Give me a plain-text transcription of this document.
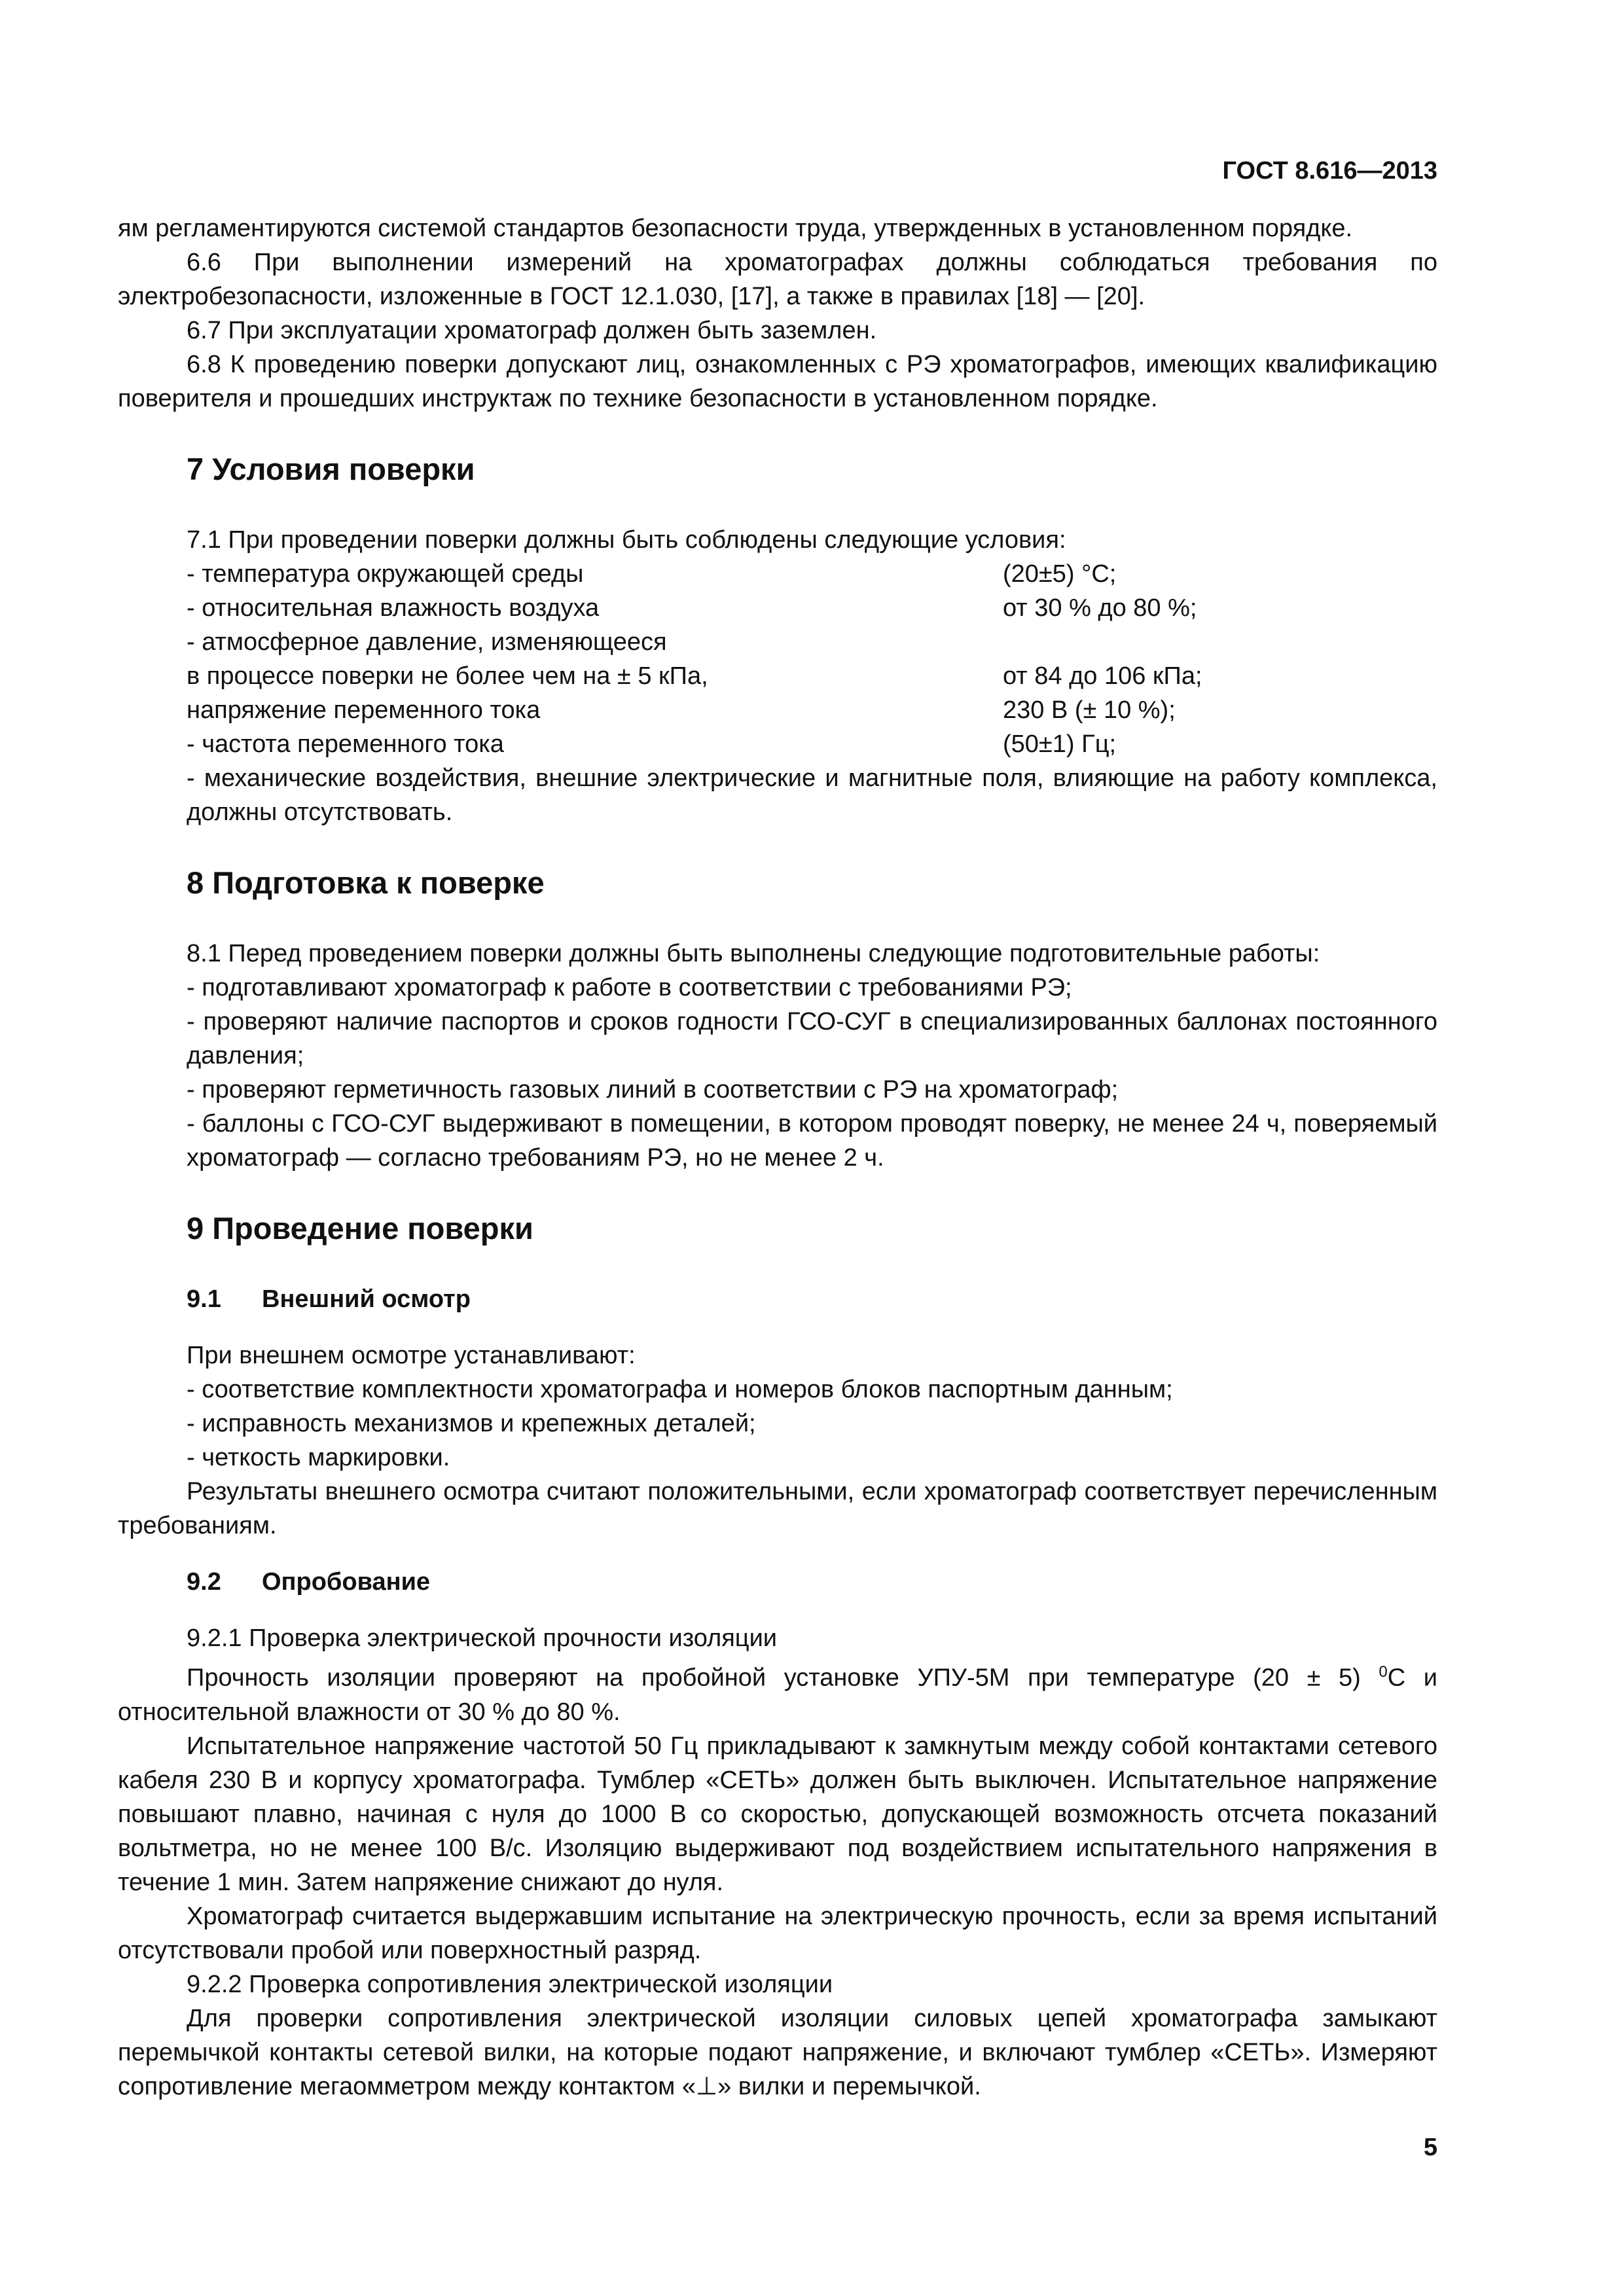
ГОСТ 8.616—2013

ям регламентируются системой стандартов безопасности труда, утвержденных в установленном порядке.

6.6 При выполнении измерений на хроматографах должны соблюдаться требования по электробезопасности, изложенные в ГОСТ 12.1.030, [17], а также в правилах [18] — [20].

6.7 При эксплуатации хроматограф должен быть заземлен.

6.8 К проведению поверки допускают лиц, ознакомленных с РЭ хроматографов, имеющих квалификацию поверителя и прошедших инструктаж по технике безопасности в установленном порядке.

7 Условия поверки

7.1 При проведении поверки должны быть соблюдены следующие условия:

- температура окружающей среды	(20±5) °С;
- относительная влажность воздуха	от 30 % до 80 %;
- атмосферное давление, изменяющееся
в процессе поверки не более чем на ± 5 кПа,	от 84 до 106 кПа;
напряжение переменного тока	230 В (± 10 %);
- частота переменного тока	(50±1) Гц;

- механические воздействия, внешние электрические и магнитные поля, влияющие на работу комплекса, должны отсутствовать.

8 Подготовка к поверке

8.1 Перед проведением поверки должны быть выполнены следующие подготовительные работы:

- подготавливают хроматограф к работе в соответствии с требованиями РЭ;

- проверяют наличие паспортов и сроков годности ГСО-СУГ в специализированных баллонах постоянного давления;

- проверяют герметичность газовых линий в соответствии с РЭ на хроматограф;

- баллоны с ГСО-СУГ выдерживают в помещении, в котором проводят поверку, не менее 24 ч, поверяемый хроматограф — согласно требованиям РЭ, но не менее 2 ч.

9 Проведение поверки
9.1 Внешний осмотр

При внешнем осмотре устанавливают:

- соответствие комплектности хроматографа и номеров блоков паспортным данным;

- исправность механизмов и крепежных деталей;

- четкость маркировки.

Результаты внешнего осмотра считают положительными, если хроматограф соответствует перечисленным требованиям.

9.2 Опробование

9.2.1 Проверка электрической прочности изоляции

Прочность изоляции проверяют на пробойной установке УПУ-5М при температуре (20 ± 5) $^0$С и относительной влажности от 30 % до 80 %.

Испытательное напряжение частотой 50 Гц прикладывают к замкнутым между собой контактами сетевого кабеля 230 В и корпусу хроматографа. Тумблер «СЕТЬ» должен быть выключен. Испытательное напряжение повышают плавно, начиная с нуля до 1000 В со скоростью, допускающей возможность отсчета показаний вольтметра, но не менее 100 В/с. Изоляцию выдерживают под воздействием испытательного напряжения в течение 1 мин. Затем напряжение снижают до нуля.

Хроматограф считается выдержавшим испытание на электрическую прочность, если за время испытаний отсутствовали пробой или поверхностный разряд.

9.2.2 Проверка сопротивления электрической изоляции

Для проверки сопротивления электрической изоляции силовых цепей хроматографа замыкают перемычкой контакты сетевой вилки, на которые подают напряжение, и включают тумблер «СЕТЬ». Измеряют сопротивление мегаомметром между контактом «⊥» вилки и перемычкой.

5
